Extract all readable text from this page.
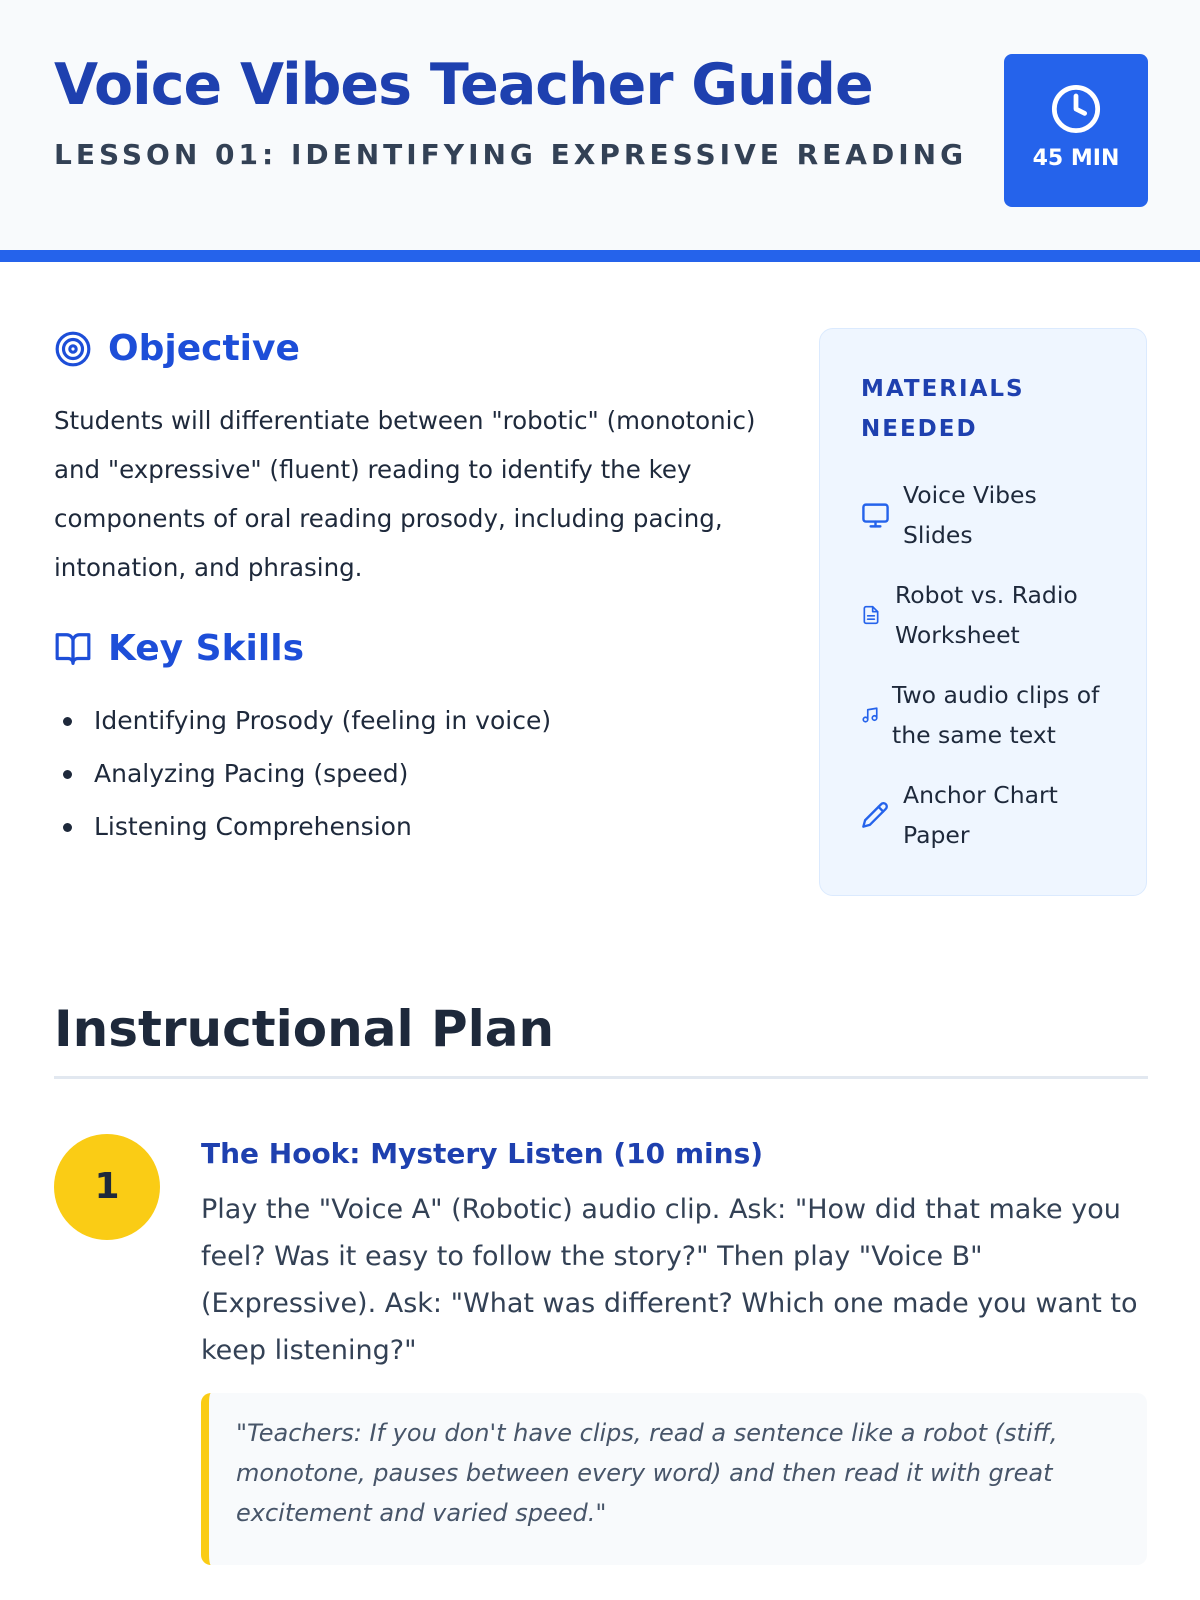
Voice Vibes Teacher Guide
LESSON 01: IDENTIFYING EXPRESSIVE READING	45 MIN
Objective

Students will differentiate between "robotic" (monotonic) and "expressive" (fluent) reading to identify the key components of oral reading prosody, including pacing, intonation, and phrasing.

Key Skills
Identifying Prosody (feeling in voice)
Analyzing Pacing (speed)
Listening Comprehension
MATERIALS NEEDED
Voice Vibes Slides
Robot vs. Radio Worksheet
Two audio clips of the same text
Anchor Chart Paper
Instructional Plan
1
The Hook: Mystery Listen (10 mins)

Play the "Voice A" (Robotic) audio clip. Ask: "How did that make you feel? Was it easy to follow the story?" Then play "Voice B" (Expressive). Ask: "What was different? Which one made you want to keep listening?"

"Teachers: If you don't have clips, read a sentence like a robot (stiff, monotone, pauses between every word) and then read it with great excitement and varied speed."
